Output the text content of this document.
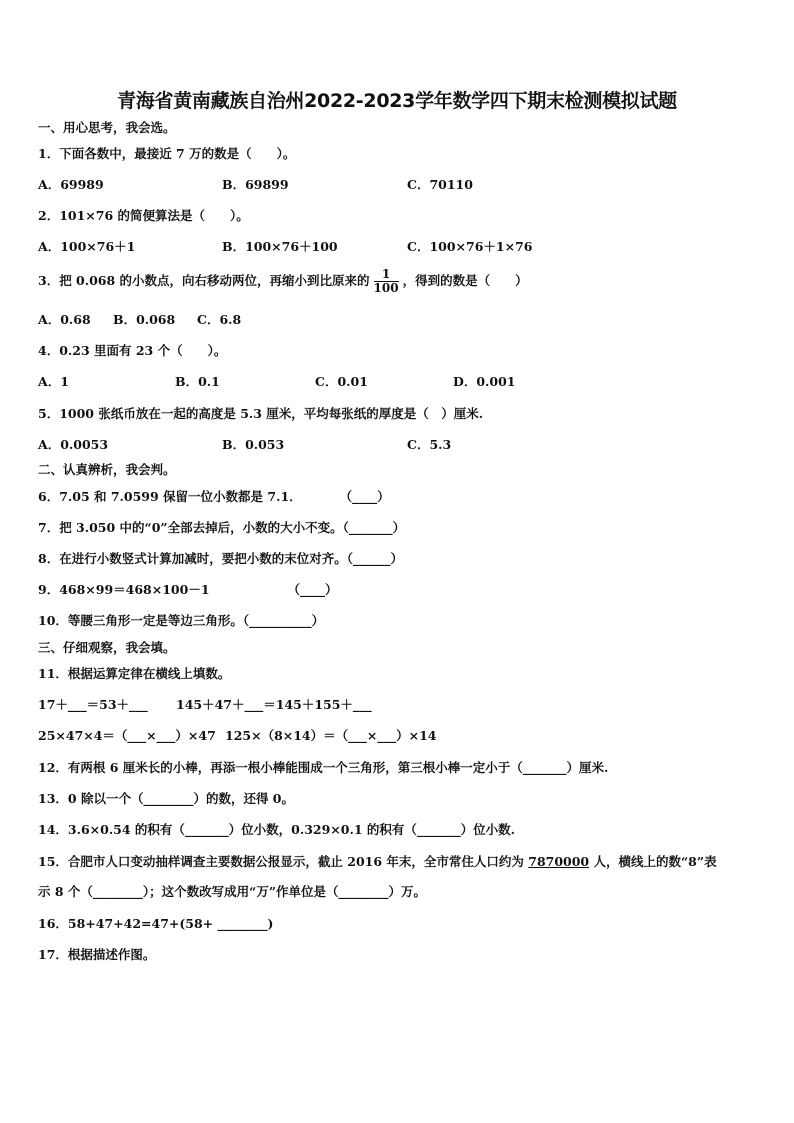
青海省黄南藏族自治州2022-2023学年数学四下期末检测模拟试题
一、用心思考，我会选。
1．下面各数中，最接近 7 万的数是（　　）。
A．69989	B．69899	C．70110
2．101×76 的简便算法是（　　）。
A．100×76＋1	B．100×76＋100	C．100×76＋1×76
3．把 0.068 的小数点，向右移动两位，再缩小到比原来的 $\frac{1}{100}$ ，得到的数是（　　）
A．0.68 B．0.068 C．6.8
4．0.23 里面有 23 个（　　）。
A．1	B．0.1	C．0.01	D．0.001
5．1000 张纸币放在一起的高度是 5.3 厘米，平均每张纸的厚度是（　）厘米.
A．0.0053	B．0.053	C．5.3
二、认真辨析，我会判。
6．7.05 和 7.0599 保留一位小数都是 7.1．	（____）
7．把 3.050 中的“0”全部去掉后，小数的大小不变。（_______）
8．在进行小数竖式计算加减时，要把小数的末位对齐。（______）
9．468×99＝468×100－1	（____）
10．等腰三角形一定是等边三角形。（__________）
三、仔细观察，我会填。
11．根据运算定律在横线上填数。
17＋___＝53＋___ 145＋47＋___＝145＋155＋___
25×47×4＝（___×___）×47 125×（8×14）＝（___×___）×14
12．有两根 6 厘米长的小棒，再添一根小棒能围成一个三角形，第三根小棒一定小于（_______）厘米.
13．0 除以一个（________）的数，还得 0。
14．3.6×0.54 的积有（_______）位小数，0.329×0.1 的积有（_______）位小数.
15．合肥市人口变动抽样调查主要数据公报显示，截止 2016 年末，全市常住人口约为 7870000 人，横线上的数“8”表
示 8 个（________）；这个数改写成用“万”作单位是（________）万。
16．58+47+42=47+(58+ ________)
17．根据描述作图。
